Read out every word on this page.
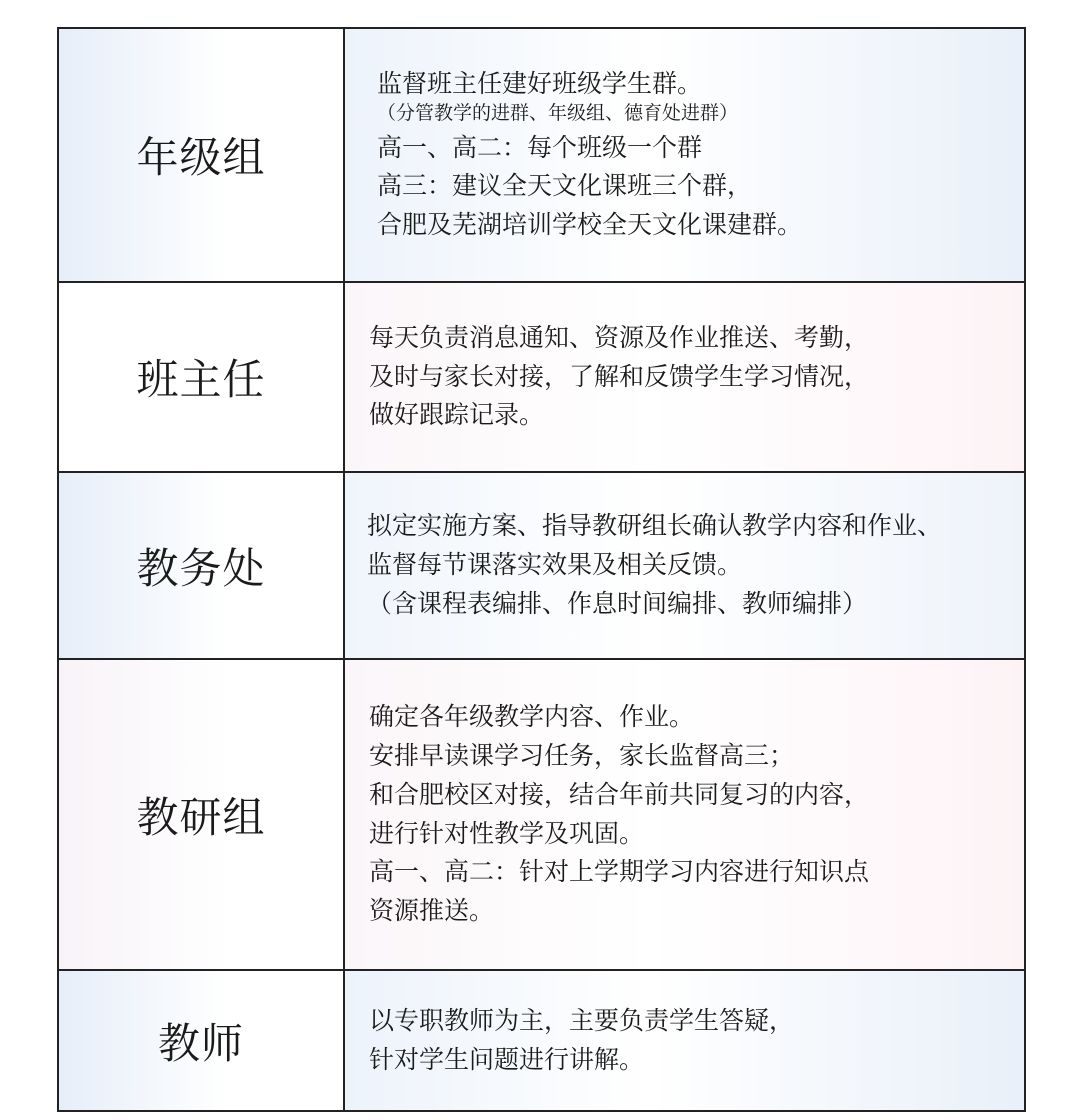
年级组
监督班主任建好班级学生群。
（分管教学的进群、年级组、德育处进群）
高一、高二：每个班级一个群
高三：建议全天文化课班三个群，
合肥及芜湖培训学校全天文化课建群。
班主任
每天负责消息通知、资源及作业推送、考勤，
及时与家长对接，了解和反馈学生学习情况，
做好跟踪记录。
教务处
拟定实施方案、指导教研组长确认教学内容和作业、
监督每节课落实效果及相关反馈。
（含课程表编排、作息时间编排、教师编排）
教研组
确定各年级教学内容、作业。
安排早读课学习任务，家长监督高三；
和合肥校区对接，结合年前共同复习的内容，
进行针对性教学及巩固。
高一、高二：针对上学期学习内容进行知识点
资源推送。
教师	以专职教师为主，主要负责学生答疑，
针对学生问题进行讲解。
